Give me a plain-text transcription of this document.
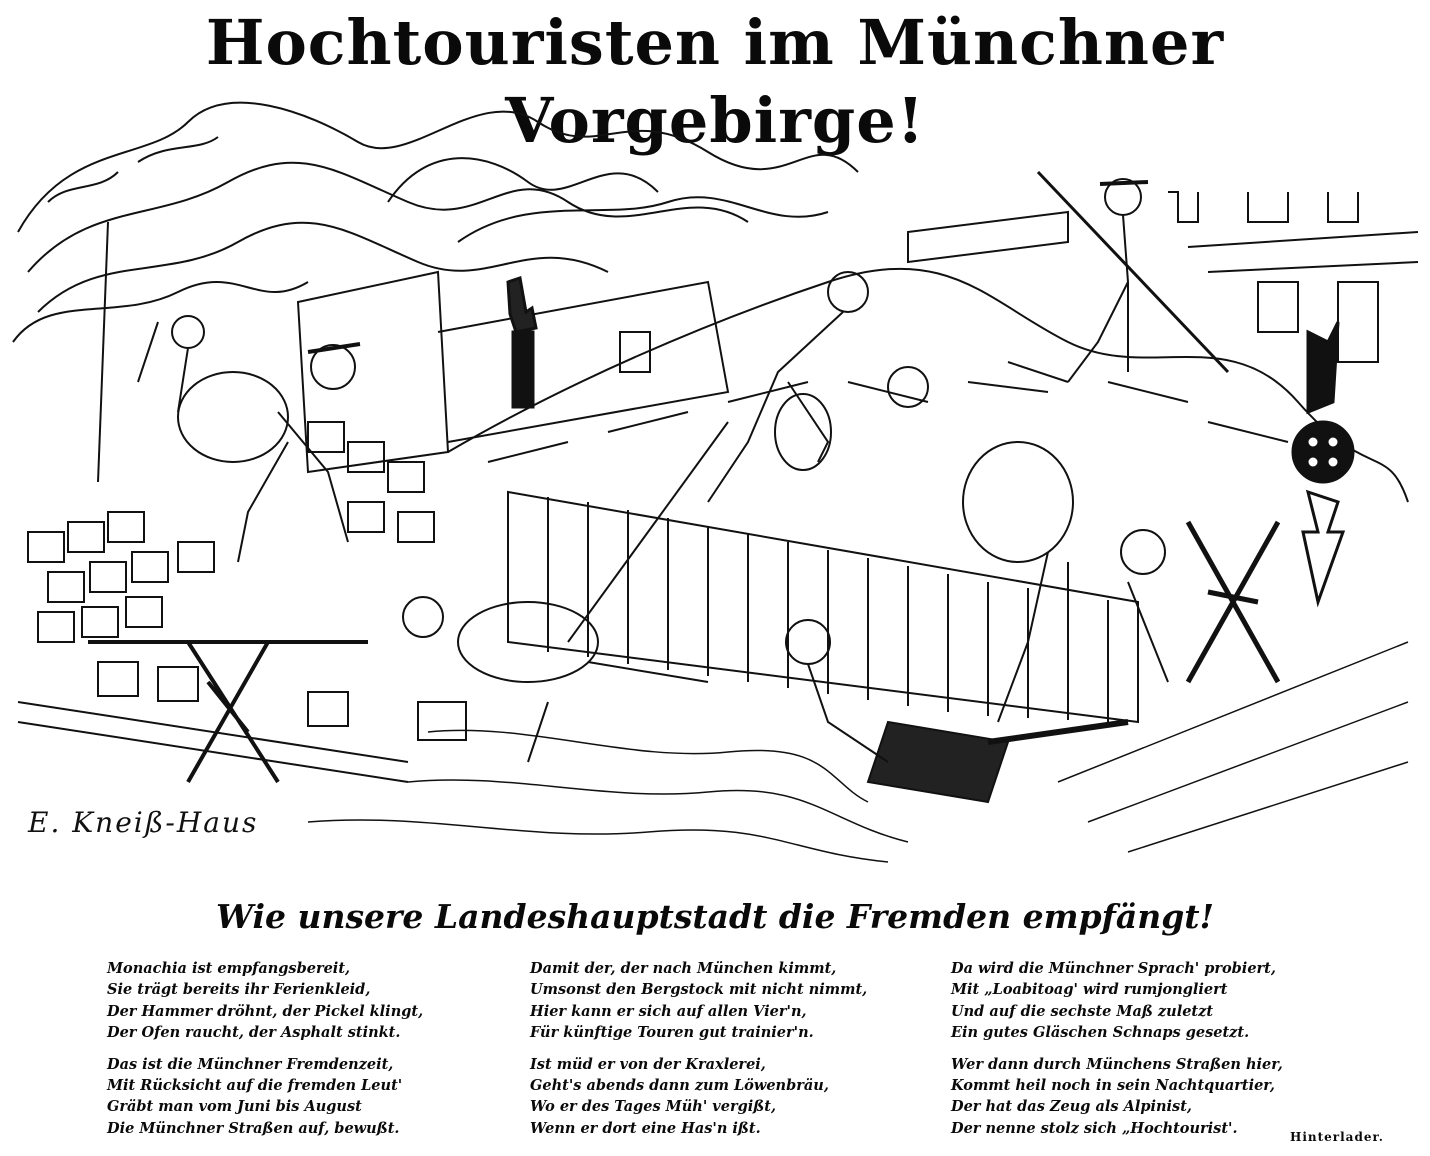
Hochtouristen im Münchner Vorgebirge!
E. Kneiß-Haus
Wie unsere Landeshauptstadt die Fremden empfängt!
Monachia ist empfangsbereit,
Sie trägt bereits ihr Ferienkleid,
Der Hammer dröhnt, der Pickel klingt,
Der Ofen raucht, der Asphalt stinkt.
Das ist die Münchner Fremdenzeit,
Mit Rücksicht auf die fremden Leut'
Gräbt man vom Juni bis August
Die Münchner Straßen auf, bewußt.
Damit der, der nach München kimmt,
Umsonst den Bergstock mit nicht nimmt,
Hier kann er sich auf allen Vier'n,
Für künftige Touren gut trainier'n.
Ist müd er von der Kraxlerei,
Geht's abends dann zum Löwenbräu,
Wo er des Tages Müh' vergißt,
Wenn er dort eine Has'n ißt.
Da wird die Münchner Sprach' probiert,
Mit „Loabitoag' wird rumjongliert
Und auf die sechste Maß zuletzt
Ein gutes Gläschen Schnaps gesetzt.
Wer dann durch Münchens Straßen hier,
Kommt heil noch in sein Nachtquartier,
Der hat das Zeug als Alpinist,
Der nenne stolz sich „Hochtourist'.
Hinterlader.
